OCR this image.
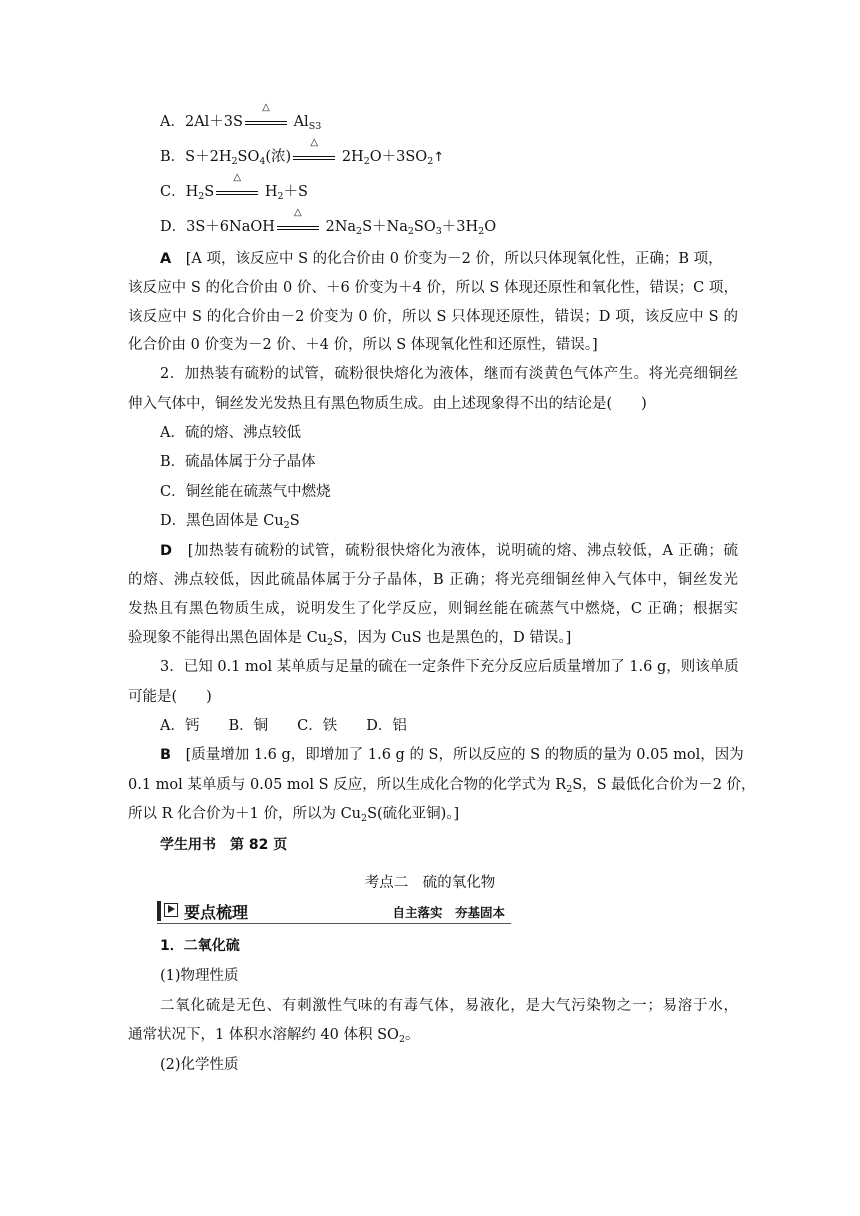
A．2Al＋3S
△
$Al_{S3}$
B．$S+2H_2SO_4$(浓)
△
$2H_2O+3SO_2↑$
C．$H_2S$
△
$H_2+S$
D．3S＋6NaOH
△
$2Na_2S+Na_2SO_3+3H_2O$
A　 [A 项，该反应中 S 的化合价由 0 价变为－2 价，所以只体现氧化性，正确；B 项，
该反应中 S 的化合价由 0 价、＋6 价变为＋4 价，所以 S 体现还原性和氧化性，错误；C 项，
该反应中 S 的化合价由－2 价变为 0 价，所以 S 只体现还原性，错误；D 项，该反应中 S 的
化合价由 0 价变为－2 价、＋4 价，所以 S 体现氧化性和还原性，错误。]
2．加热装有硫粉的试管，硫粉很快熔化为液体，继而有淡黄色气体产生。将光亮细铜丝
伸入气体中，铜丝发光发热且有黑色物质生成。由上述现象得不出的结论是(　　)
A．硫的熔、沸点较低
B．硫晶体属于分子晶体
C．铜丝能在硫蒸气中燃烧
D．黑色固体是 $Cu_2S$
D　 [加热装有硫粉的试管，硫粉很快熔化为液体，说明硫的熔、沸点较低，A 正确；硫
的熔、沸点较低，因此硫晶体属于分子晶体，B 正确；将光亮细铜丝伸入气体中，铜丝发光
发热且有黑色物质生成，说明发生了化学反应，则铜丝能在硫蒸气中燃烧，C 正确；根据实
验现象不能得出黑色固体是 $Cu_2S$，因为 CuS 也是黑色的，D 错误。]
3．已知 0.1 mol 某单质与足量的硫在一定条件下充分反应后质量增加了 1.6 g，则该单质
可能是(　　)
A．钙　　B．铜　　C．铁　　D．铝
B　 [质量增加 1.6 g，即增加了 1.6 g 的 S，所以反应的 S 的物质的量为 0.05 mol，因为
0.1 mol 某单质与 0.05 mol S 反应，所以生成化合物的化学式为 $R_2S$，S 最低化合价为－2 价，
所以 R 化合价为＋1 价，所以为 $Cu_2S$(硫化亚铜)。]
学生用书　第 82 页
考点二　硫的氧化物
要点梳理	自主落实　夯基固本
1．二氧化硫
(1)物理性质
二氧化硫是无色、有刺激性气味的有毒气体，易液化，是大气污染物之一；易溶于水，
通常状况下，1 体积水溶解约 40 体积 $SO_2$。
(2)化学性质
